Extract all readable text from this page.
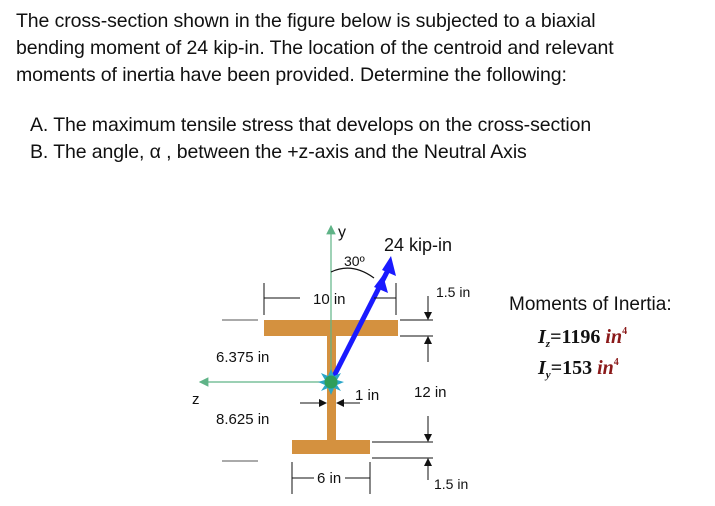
The cross-section shown in the figure below is subjected to a biaxial

bending moment of 24 kip-in. The location of the centroid and relevant

moments of inertia have been provided. Determine the following:

A. The maximum tensile stress that develops on the cross-section
B. The angle, α , between the +z-axis and the Neutral Axis
y
z
30º
24 kip-in
10 in	1.5 in
12 in
1.5 in
1 in
6 in
6.375 in
8.625 in
Moments of Inertia:
$I_z=1196$ $in^4$
$I_y=153$ $in^4$
